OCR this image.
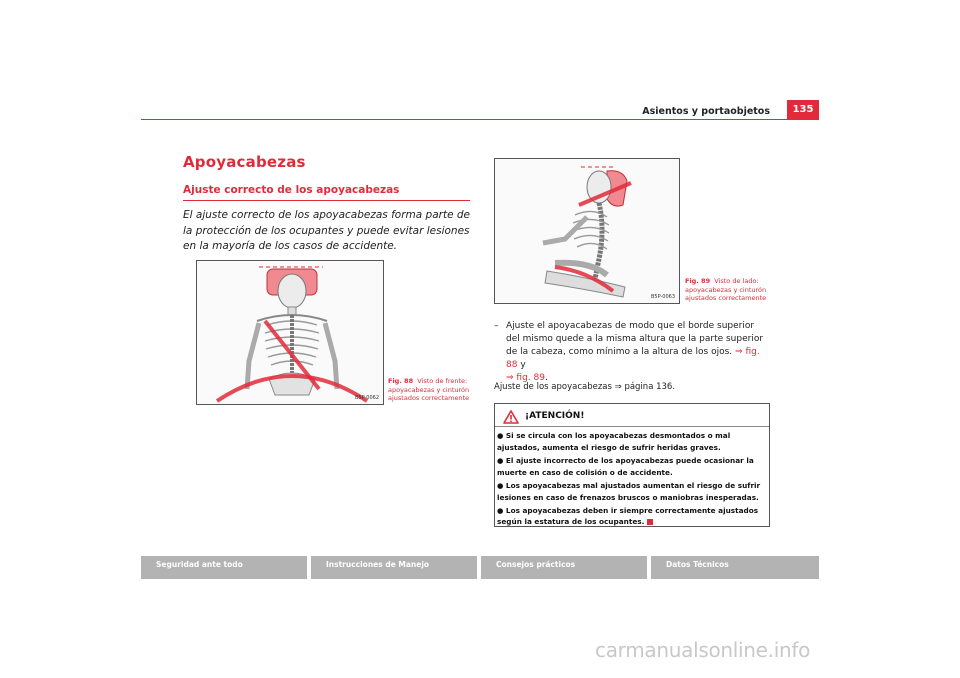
Asientos y portaobjetos	135
Apoyacabezas
Ajuste correcto de los apoyacabezas
El ajuste correcto de los apoyacabezas forma parte de la protección de los ocupantes y puede evitar lesiones en la mayoría de los casos de accidente.
B5P-0062
Fig. 88 Visto de frente: apoyacabezas y cinturón ajustados correctamente
B5P-0063
Fig. 89 Visto de lado: apoyacabezas y cinturón ajustados correctamente
– Ajuste el apoyacabezas de modo que el borde superior del mismo quede a la misma altura que la parte superior de la cabeza, como mínimo a la altura de los ojos. ⇒ fig. 88 y
⇒ fig. 89.
Ajuste de los apoyacabezas ⇒ página 136.
¡ATENCIÓN!
● Si se circula con los apoyacabezas desmontados o mal ajustados, aumenta el riesgo de sufrir heridas graves.
● El ajuste incorrecto de los apoyacabezas puede ocasionar la muerte en caso de colisión o de accidente.
● Los apoyacabezas mal ajustados aumentan el riesgo de sufrir lesiones en caso de frenazos bruscos o maniobras inesperadas.
● Los apoyacabezas deben ir siempre correctamente ajustados según la estatura de los ocupantes.
Seguridad ante todo	Instrucciones de Manejo	Consejos prácticos	Datos Técnicos
carmanualsonline.info
